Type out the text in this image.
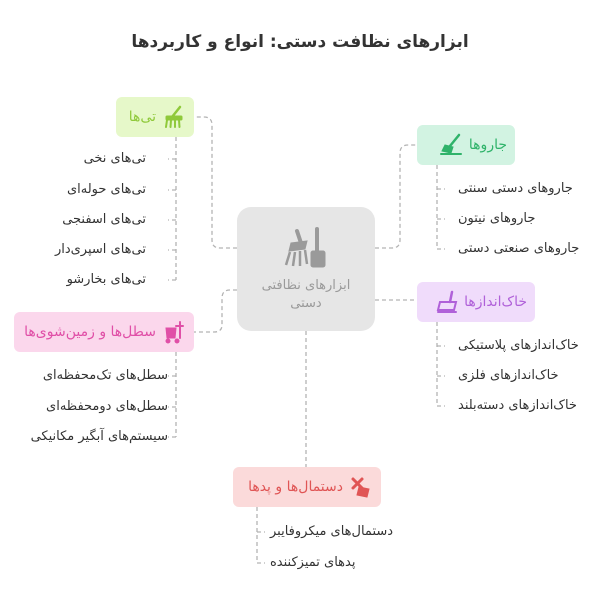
ابزارهای نظافت دستی: انواع و کاربردها
ابزارهای نظافتی دستی
تی‌ها
تی‌های نخی
تی‌های حوله‌ای
تی‌های اسفنجی
تی‌های اسپری‌دار
تی‌های بخارشو
جاروها
جاروهای دستی سنتی
جاروهای نیتون
جاروهای صنعتی دستی
خاک‌اندازها
خاک‌اندازهای پلاستیکی
خاک‌اندازهای فلزی
خاک‌اندازهای دسته‌بلند
سطل‌ها و زمین‌شوی‌ها
سطل‌های تک‌محفظه‌ای
سطل‌های دومحفظه‌ای
سیستم‌های آبگیر مکانیکی
دستمال‌ها و پدها
دستمال‌های میکروفایبر
پدهای تمیزکننده
